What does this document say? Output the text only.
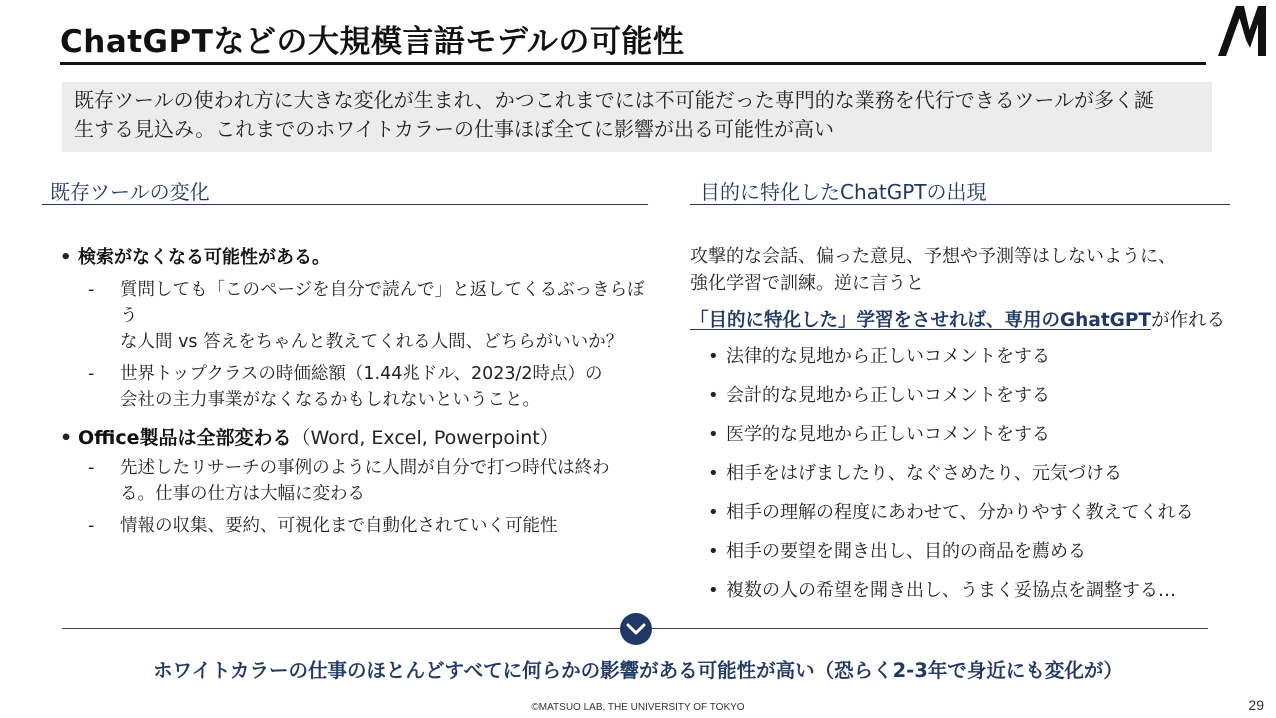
ChatGPTなどの大規模言語モデルの可能性

既存ツールの使われ方に大きな変化が生まれ、かつこれまでには不可能だった専門的な業務を代行できるツールが多く誕

生する見込み。これまでのホワイトカラーの仕事ほぼ全てに影響が出る可能性が高い

既存ツールの変化
• 検索がなくなる可能性がある。
- 質問しても「このページを自分で読んで」と返してくるぶっきらぼう
な人間 vs 答えをちゃんと教えてくれる人間、どちらがいいか？
- 世界トップクラスの時価総額（1.44兆ドル、2023/2時点）の
会社の主力事業がなくなるかもしれないということ。
• Office製品は全部変わる（Word, Excel, Powerpoint）
- 先述したリサーチの事例のように人間が自分で打つ時代は終わ
る。仕事の仕方は大幅に変わる
- 情報の収集、要約、可視化まで自動化されていく可能性
目的に特化したChatGPTの出現

攻撃的な会話、偏った意見、予想や予測等はしないように、

強化学習で訓練。逆に言うと

「目的に特化した」学習をさせれば、専用のGhatGPTが作れる

• 法律的な見地から正しいコメントをする
• 会計的な見地から正しいコメントをする
• 医学的な見地から正しいコメントをする
• 相手をはげましたり、なぐさめたり、元気づける
• 相手の理解の程度にあわせて、分かりやすく教えてくれる
• 相手の要望を聞き出し、目的の商品を薦める
• 複数の人の希望を聞き出し、うまく妥協点を調整する…
ホワイトカラーの仕事のほとんどすべてに何らかの影響がある可能性が高い（恐らく2-3年で身近にも変化が）
©MATSUO LAB, THE UNIVERSITY OF TOKYO	29
